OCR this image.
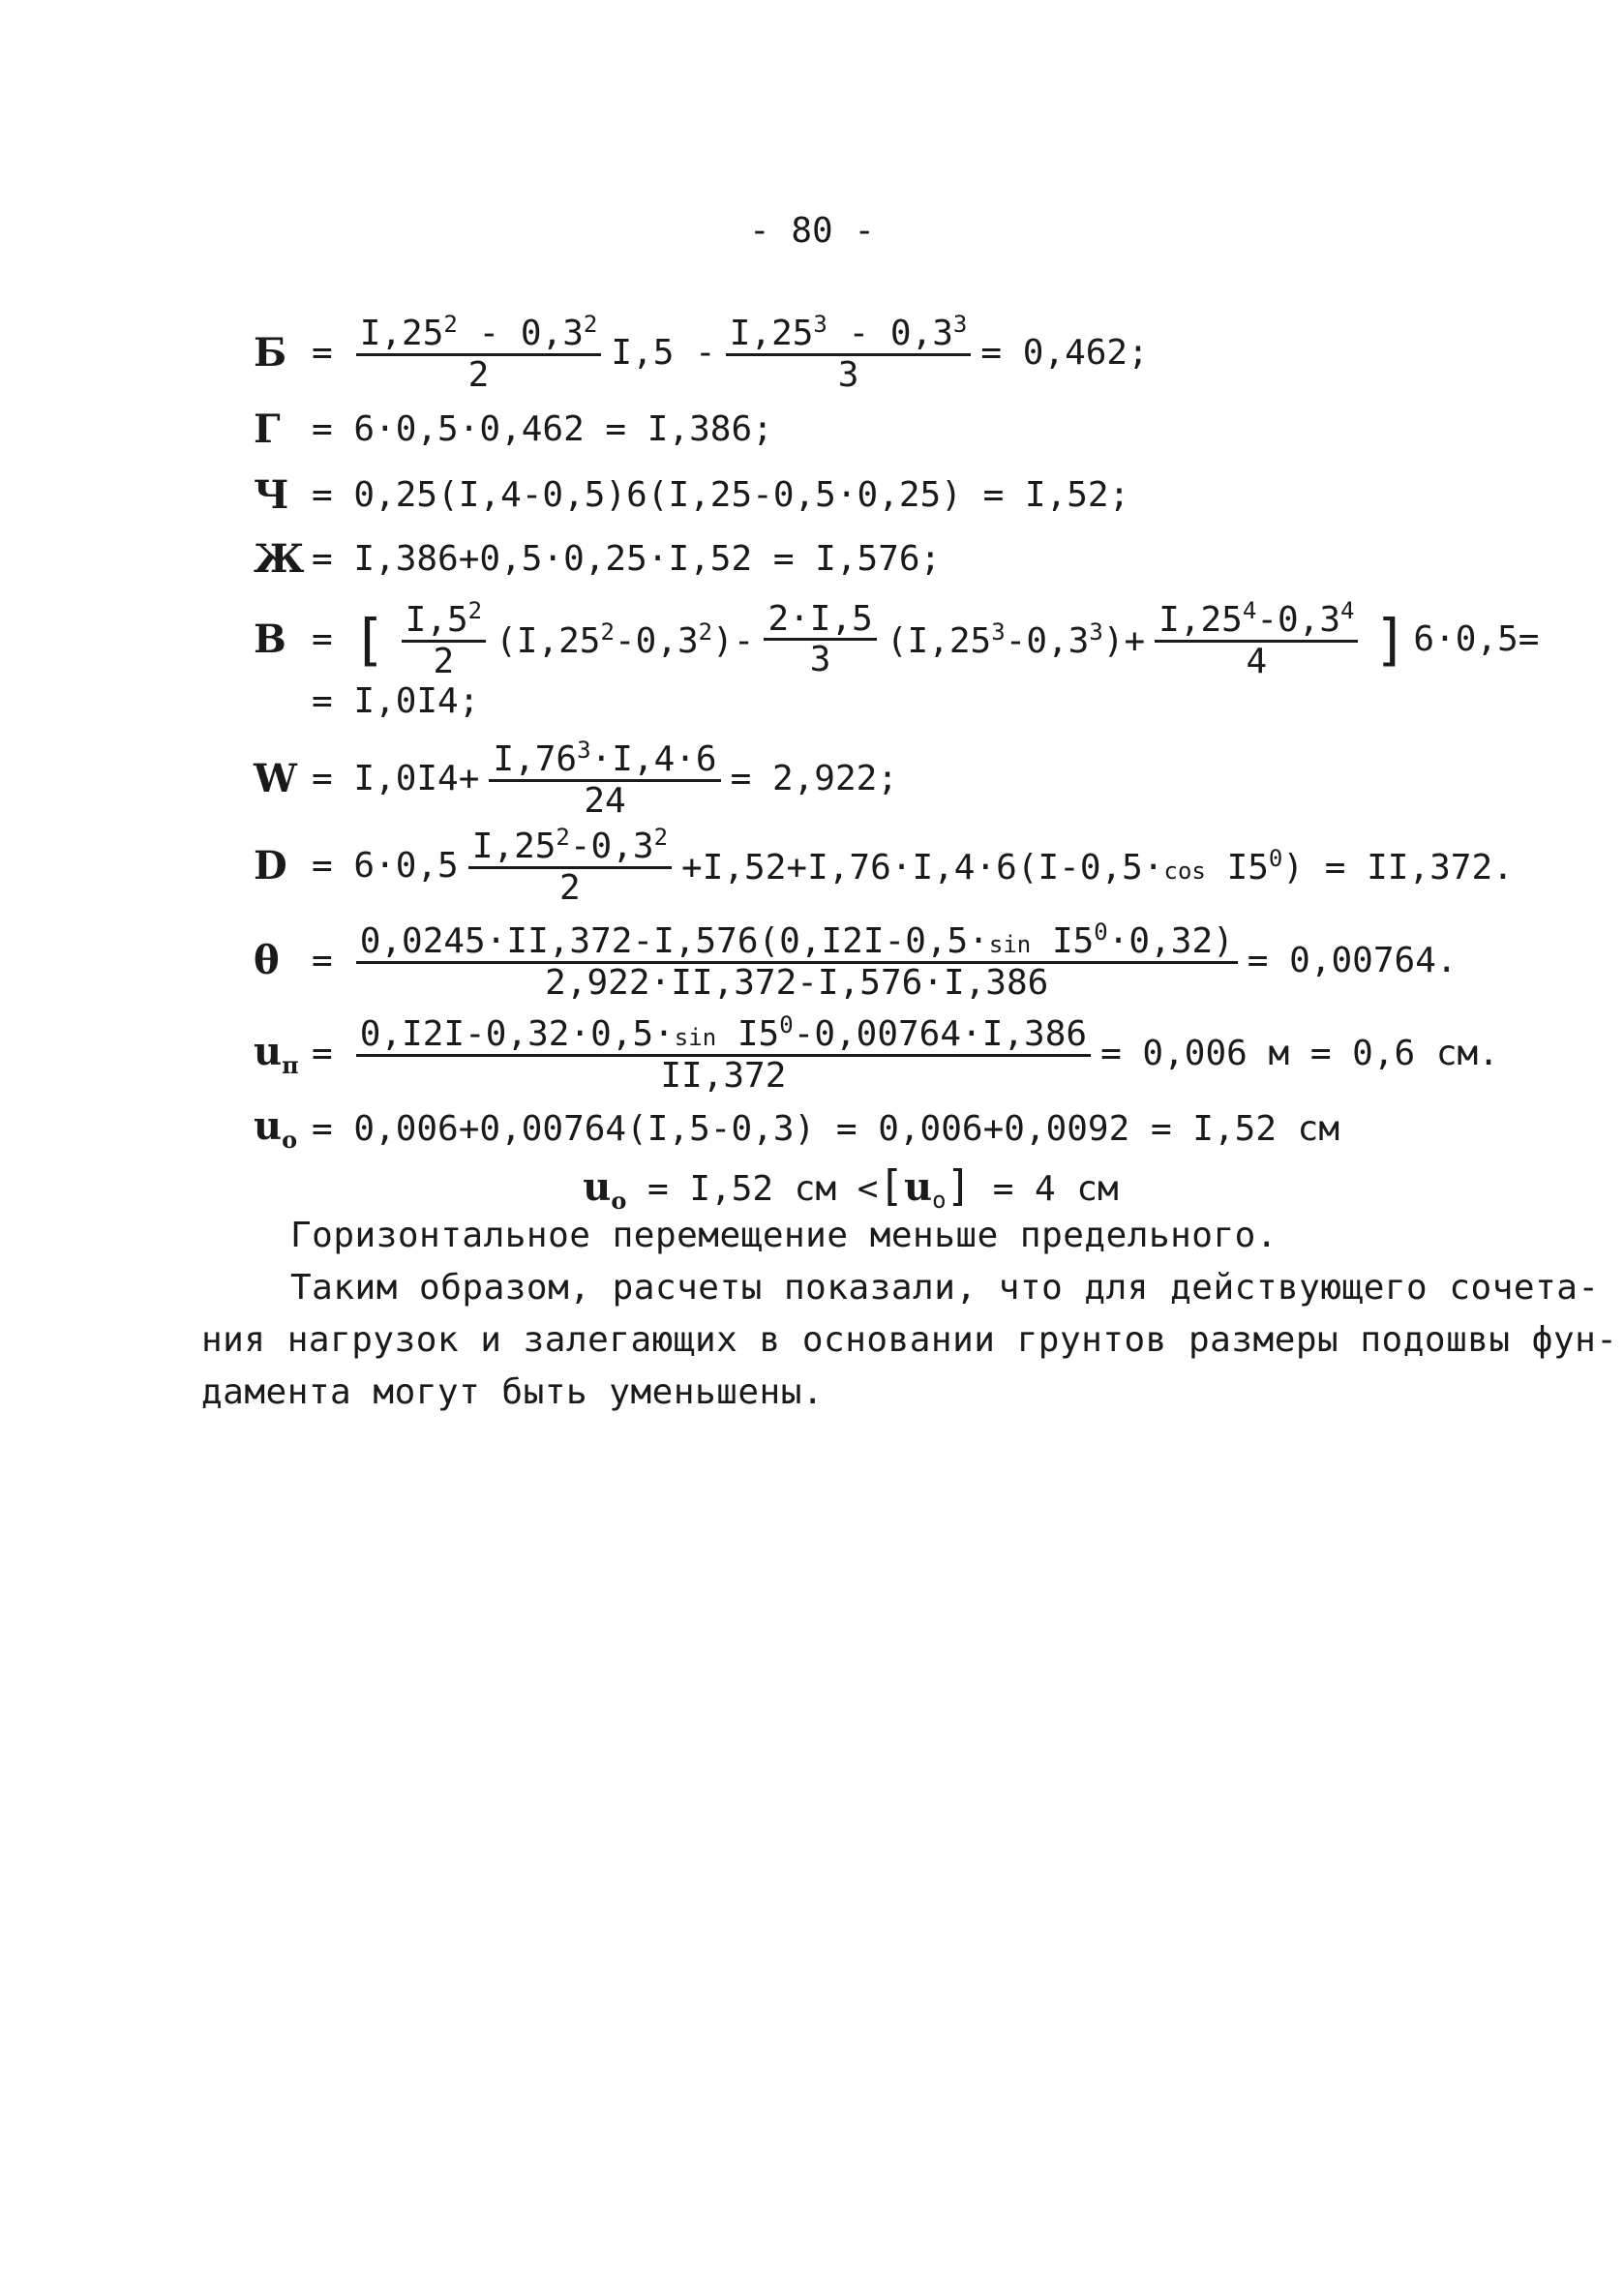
- 80 -
$Б = \frac{I,25^2 - 0,3^2}{2} I,5 - \frac{I,25^3 - 0,3^3}{3} = 0,462$;
Г = 6·0,5·0,462 = I,386;
Ч = 0,25(I,4-0,5)6(I,25-0,5·0,25) = I,52;
Ж = I,386+0,5·0,25·I,52 = I,576;
В = [ $\frac{I,5^2}{2} (I,25^2-0,3^2)- \frac{2\cdot I,5}{3} (I,25^3-0,3^3)+ \frac{I,25^4-0,3^4}{4}$ ] 6·0,5=
= I,0I4;
$W = I,0I4+ \frac{I,76^3\cdot I,4\cdot 6}{24} = 2,922$;
$D = 6\cdot 0,5 \frac{I,25^2-0,3^2}{2} +I,52+I,76\cdot I,4\cdot 6(I-0,5\cdot\cos$ $I5^0) = II,372$.
$\theta = \frac{0,0245\cdot II,372-I,576(0,I2I-0,5\cdot\sin I5^0\cdot 0,32)}{2,922\cdot II,372-I,576\cdot I,386} = 0,00764$.
$u_п = \frac{0,I2I-0,32\cdot 0,5\cdot\sin I5^0-0,00764\cdot I,386}{II,372} = 0,006$ м = 0,6 см.
$u_о = 0,006+0,00764(I,5-0,3) = 0,006+0,0092 = I,52$ см
$u_о = I,52$ см $<[u_о] = 4$ см
Горизонтальное перемещение меньше предельного.
Таким образом, расчеты показали, что для действующего сочета-
ния нагрузок и залегающих в основании грунтов размеры подошвы фун-
дамента могут быть уменьшены.
